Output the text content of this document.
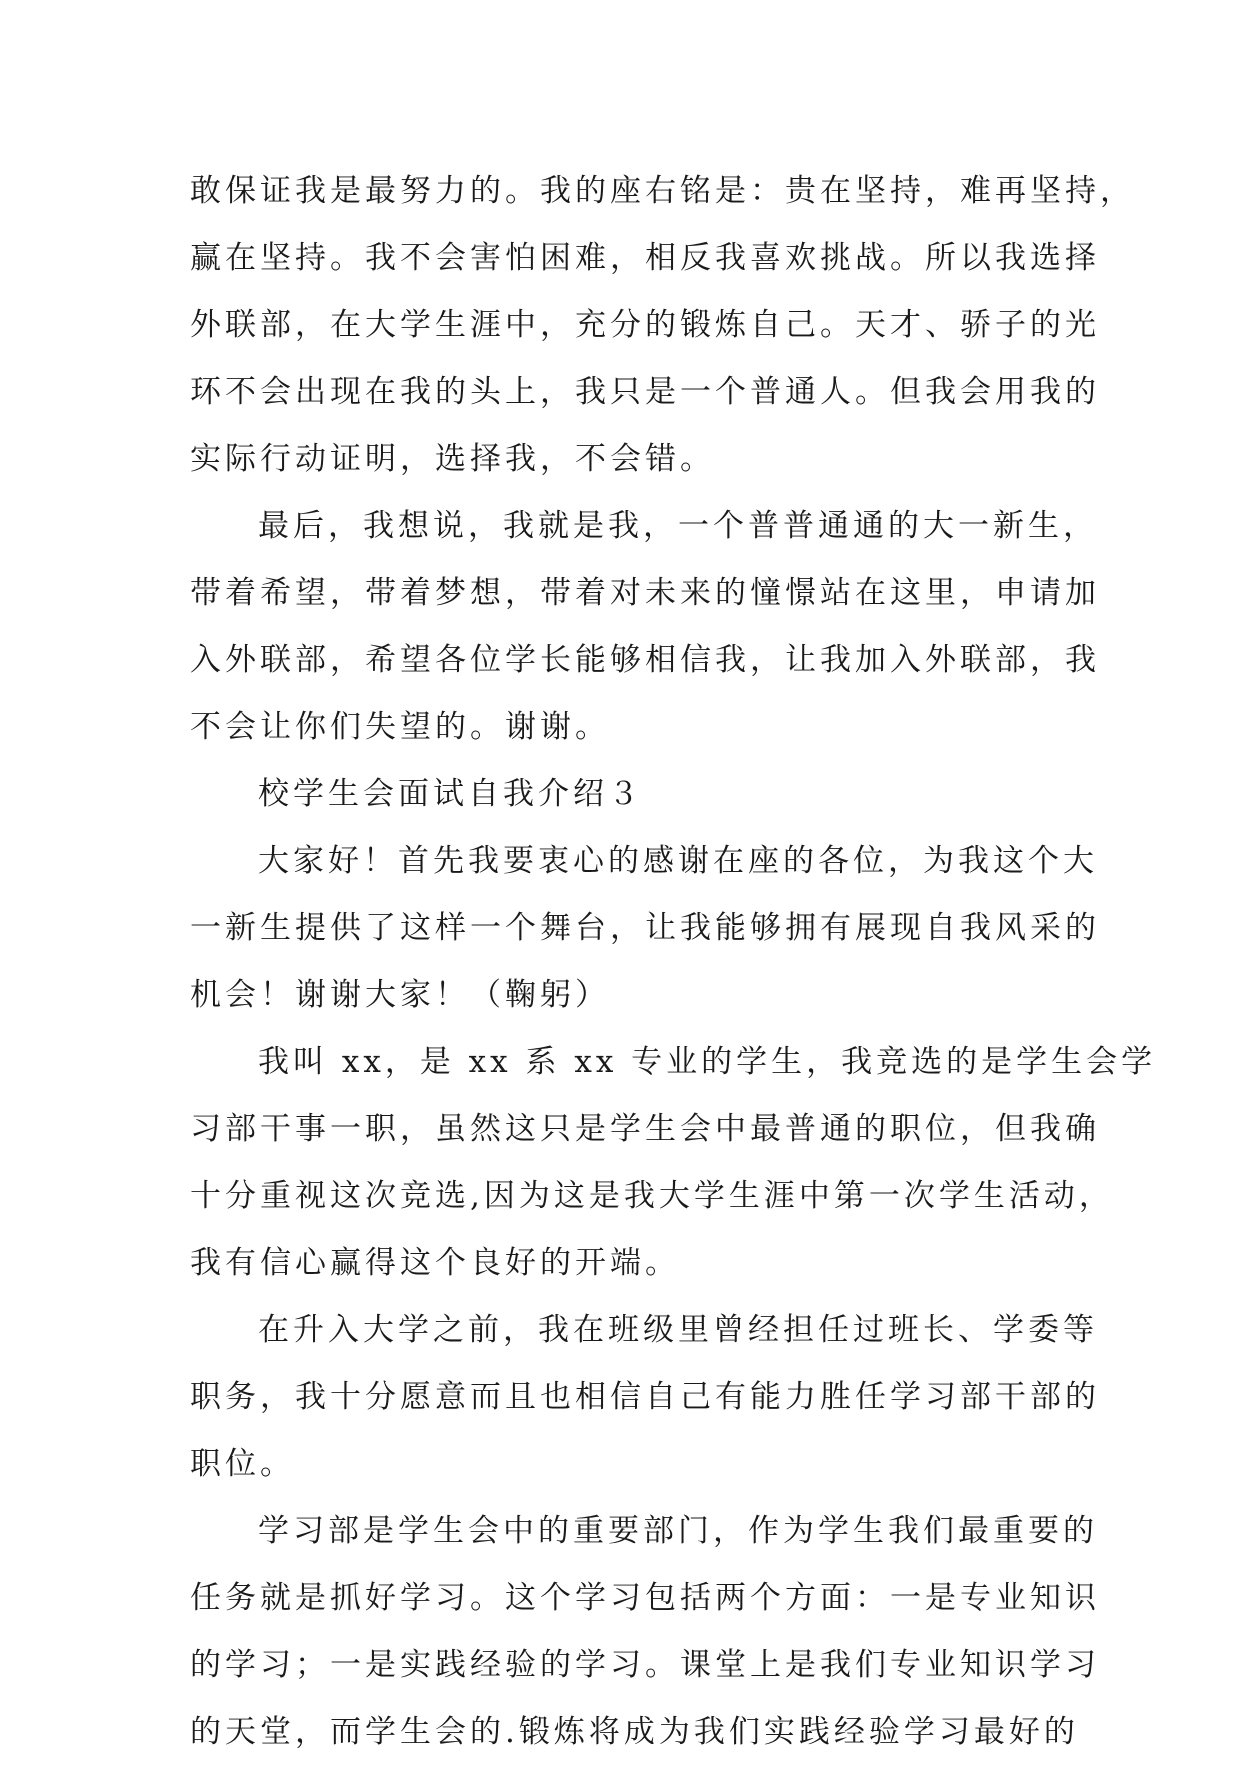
敢保证我是最努力的。我的座右铭是：贵在坚持，难再坚持，
赢在坚持。我不会害怕困难，相反我喜欢挑战。所以我选择
外联部，在大学生涯中，充分的锻炼自己。天才、骄子的光
环不会出现在我的头上，我只是一个普通人。但我会用我的
实际行动证明，选择我，不会错。
最后，我想说，我就是我，一个普普通通的大一新生，
带着希望，带着梦想，带着对未来的憧憬站在这里，申请加
入外联部，希望各位学长能够相信我，让我加入外联部，我
不会让你们失望的。谢谢。
校学生会面试自我介绍３
大家好！首先我要衷心的感谢在座的各位，为我这个大
一新生提供了这样一个舞台，让我能够拥有展现自我风采的
机会！谢谢大家！（鞠躬）
我叫 xx，是 xx 系 xx 专业的学生，我竞选的是学生会学
习部干事一职，虽然这只是学生会中最普通的职位，但我确
十分重视这次竞选,因为这是我大学生涯中第一次学生活动，
我有信心赢得这个良好的开端。
在升入大学之前，我在班级里曾经担任过班长、学委等
职务，我十分愿意而且也相信自己有能力胜任学习部干部的
职位。
学习部是学生会中的重要部门，作为学生我们最重要的
任务就是抓好学习。这个学习包括两个方面：一是专业知识
的学习；一是实践经验的学习。课堂上是我们专业知识学习
的天堂，而学生会的.锻炼将成为我们实践经验学习最好的
